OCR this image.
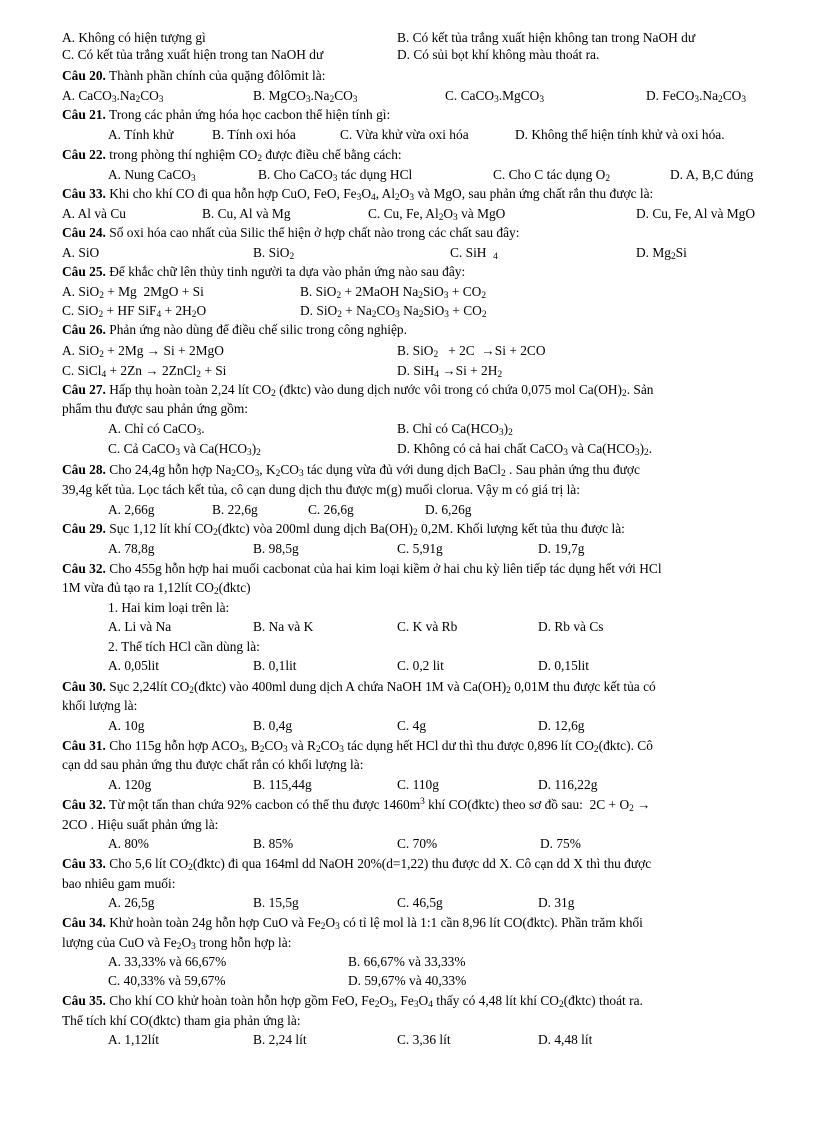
A. Không có hiện tượng gì	B. Có kết tủa trắng xuất hiện không tan trong NaOH dư
C. Có kết tủa trắng xuất hiện trong tan NaOH dư	D. Có sủi bọt khí không màu thoát ra.
Câu 20. Thành phần chính của quặng đôlômit là:
A. $CaCO_3.Na_2CO_3$	B. $MgCO_3.Na_2CO_3$	C. CaCO$_3$.MgCO$_3$	D. $FeCO_3.Na_2CO_3$
Câu 21. Trong các phản ứng hóa học cacbon thể hiện tính gì:
A. Tính khử	B. Tính oxi hóa	C. Vừa khử vừa oxi hóa	D. Không thể hiện tính khử và oxi hóa.
Câu 22. trong phòng thí nghiệm $CO_2$ được điều chế bằng cách:
A. Nung CaCO$_3$	B. Cho CaCO$_3$ tác dụng HCl	C. Cho C tác dụng $O_2$	D. A, B,C đúng
Câu 33. Khi cho khí CO đi qua hỗn hợp CuO, FeO, $Fe_3O_4$, $Al_2O_3$ và MgO, sau phản ứng chất rắn thu được là:
A. Al và Cu	B. Cu, Al và Mg	C. Cu, Fe, $Al_2O_3$ và MgO	D. Cu, Fe, Al và MgO
Câu 24. Số oxi hóa cao nhất của Silic thể hiện ở hợp chất nào trong các chất sau đây:
A. SiO	B. SiO$_2$	C. SiH $_4$	D. $Mg_2Si$
Câu 25. Để khắc chữ lên thủy tinh người ta dựa vào phản ứng nào sau đây:
A. SiO$_2$ + Mg  2MgO + Si	B. SiO$_2$ + 2MaOH $Na_2SiO_3 + CO_2$
C. SiO$_2$ + HF $SiF_4 + 2H_2O$	D. $SiO_2 + Na_2CO_3$ $Na_2SiO_3 + CO_2$
Câu 26. Phản ứng nào dùng để điều chế silic trong công nghiệp.
A. SiO$_2$ + 2Mg → Si + 2MgO	B. SiO$_2$   + 2C  →Si + 2CO
C. SiCl$_4$ + 2Zn → 2ZnCl$_2$ + Si	D. $SiH_4 \to Si + 2H_2$
Câu 27. Hấp thụ hoàn toàn 2,24 lít $CO_2$ (đktc) vào dung dịch nước vôi trong có chứa 0,075 mol $Ca(OH)_2$. Sản
phẩm thu được sau phản ứng gồm:
A. Chỉ có CaCO$_3$.	B. Chỉ có $Ca(HCO_3)_2$
C. Cả CaCO$_3$ và $Ca(HCO_3)_2$	D. Không có cả hai chất CaCO$_3$ và $Ca(HCO_3)_2$.
Câu 28. Cho 24,4g hỗn hợp $Na_2CO_3$, $K_2CO_3$ tác dụng vừa đủ với dung dịch BaCl$_2$ . Sau phản ứng thu được
39,4g kết tủa. Lọc tách kết tủa, cô cạn dung dịch thu được m(g) muối clorua. Vậy m có giá trị là:
A. 2,66g	B. 22,6g	C. 26,6g	D. 6,26g
Câu 29. Sục 1,12 lít khí $CO_2(đktc)$ vòa 200ml dung dịch $Ba(OH)_2$ 0,2M. Khối lượng kết tủa thu được là:
A. 78,8g	B. 98,5g	C. 5,91g	D. 19,7g
Câu 32. Cho 455g hỗn hợp hai muối cacbonat của hai kim loại kiềm ở hai chu kỳ liên tiếp tác dụng hết với HCl
1M vừa đủ tạo ra 1,12lít $CO_2(đktc)$
1. Hai kim loại trên là:
A. Li và Na	B. Na và K	C. K và Rb	D. Rb và Cs
2. Thể tích HCl cần dùng là:
A. 0,05lit	B. 0,1lit	C. 0,2 lit	D. 0,15lit
Câu 30. Sục 2,24lít $CO_2(đktc)$ vào 400ml dung dịch A chứa NaOH 1M và $Ca(OH)_2$ 0,01M thu được kết tủa có
khối lượng là:
A. 10g	B. 0,4g	C. 4g	D. 12,6g
Câu 31. Cho 115g hỗn hợp $ACO_3$, $B_2CO_3$ và $R_2CO_3$ tác dụng hết HCl dư thì thu được 0,896 lít $CO_2(đktc)$. Cô
cạn dd sau phản ứng thu được chất rắn có khối lượng là:
A. 120g	B. 115,44g	C. 110g	D. 116,22g
Câu 32. Từ một tấn than chứa 92% cacbon có thể thu được $1460m^3$ khí CO(đktc) theo sơ đồ sau:  $2C + O_2$ →
2CO . Hiệu suất phản ứng là:
A. 80%	B. 85%	C. 70%	D. 75%
Câu 33. Cho 5,6 lít $CO_2(đktc)$ đi qua 164ml dd NaOH 20%(d=1,22) thu được dd X. Cô cạn dd X thì thu được
bao nhiêu gam muối:
A. 26,5g	B. 15,5g	C. 46,5g	D. 31g
Câu 34. Khử hoàn toàn 24g hỗn hợp CuO và $Fe_2O_3$ có tỉ lệ mol là 1:1 cần 8,96 lít CO(đktc). Phần trăm khối
lượng của CuO và $Fe_2O_3$ trong hỗn hợp là:
A. 33,33% và 66,67%	B. 66,67% và 33,33%
C. 40,33% và 59,67%	D. 59,67% và 40,33%
Câu 35. Cho khí CO khử hoàn toàn hỗn hợp gồm FeO, $Fe_2O_3$, $Fe_3O_4$ thấy có 4,48 lít khí $CO_2(đktc)$ thoát ra.
Thể tích khí CO(đktc) tham gia phản ứng là:
A. 1,12lít	B. 2,24 lít	C. 3,36 lít	D. 4,48 lít
